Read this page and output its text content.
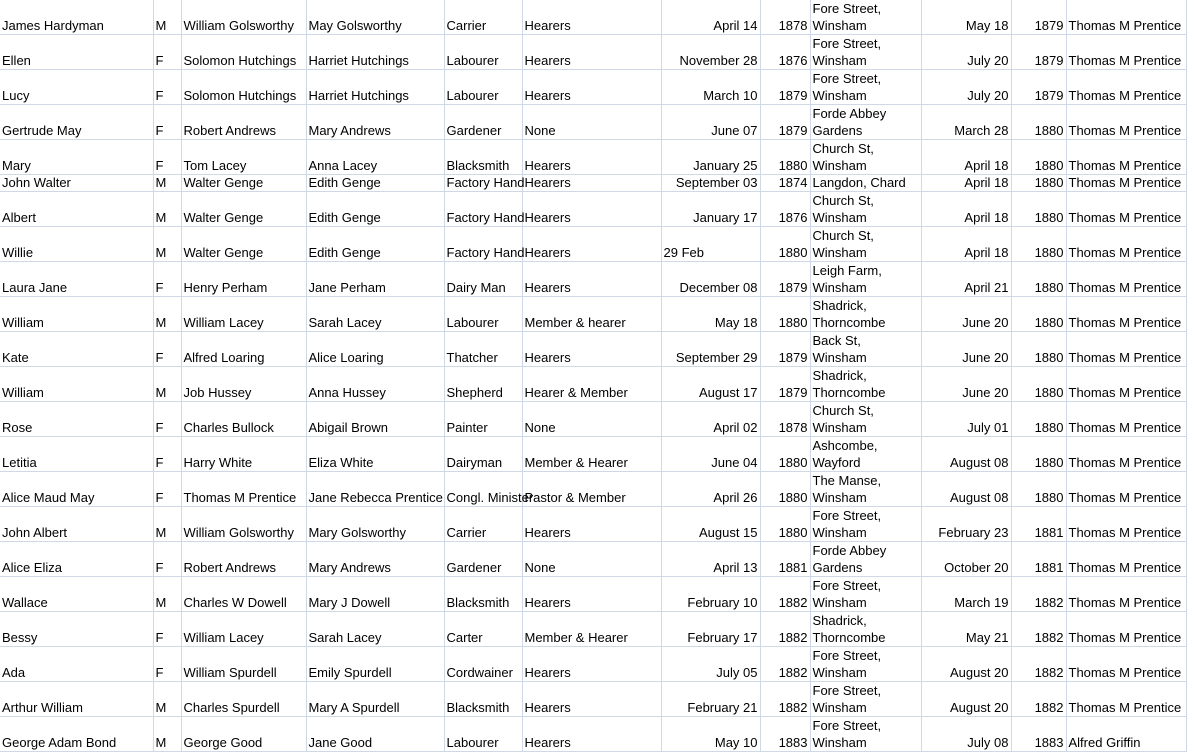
James Hardyman	M	William Golsworthy	May Golsworthy	Carrier	Hearers	April 14	1878	Fore Street, Winsham	May 18	1879	Thomas M Prentice
Ellen	F	Solomon Hutchings	Harriet Hutchings	Labourer	Hearers	November 28	1876	Fore Street, Winsham	July 20	1879	Thomas M Prentice
Lucy	F	Solomon Hutchings	Harriet Hutchings	Labourer	Hearers	March 10	1879	Fore Street, Winsham	July 20	1879	Thomas M Prentice
Gertrude May	F	Robert Andrews	Mary Andrews	Gardener	None	June 07	1879	Forde Abbey Gardens	March 28	1880	Thomas M Prentice
Mary	F	Tom Lacey	Anna Lacey	Blacksmith	Hearers	January 25	1880	Church St, Winsham	April 18	1880	Thomas M Prentice
John Walter	M	Walter Genge	Edith Genge	Factory Hand	Hearers	September 03	1874	Langdon, Chard	April 18	1880	Thomas M Prentice
Albert	M	Walter Genge	Edith Genge	Factory Hand	Hearers	January 17	1876	Church St, Winsham	April 18	1880	Thomas M Prentice
Willie	M	Walter Genge	Edith Genge	Factory Hand	Hearers	29 Feb	1880	Church St, Winsham	April 18	1880	Thomas M Prentice
Laura Jane	F	Henry Perham	Jane Perham	Dairy Man	Hearers	December 08	1879	Leigh Farm, Winsham	April 21	1880	Thomas M Prentice
William	M	William Lacey	Sarah Lacey	Labourer	Member & hearer	May 18	1880	Shadrick, Thorncombe	June 20	1880	Thomas M Prentice
Kate	F	Alfred Loaring	Alice Loaring	Thatcher	Hearers	September 29	1879	Back St, Winsham	June 20	1880	Thomas M Prentice
William	M	Job Hussey	Anna Hussey	Shepherd	Hearer & Member	August 17	1879	Shadrick, Thorncombe	June 20	1880	Thomas M Prentice
Rose	F	Charles Bullock	Abigail Brown	Painter	None	April 02	1878	Church St, Winsham	July 01	1880	Thomas M Prentice
Letitia	F	Harry White	Eliza White	Dairyman	Member & Hearer	June 04	1880	Ashcombe, Wayford	August 08	1880	Thomas M Prentice
Alice Maud May	F	Thomas M Prentice	Jane Rebecca Prentice	Congl. Minister	Pastor & Member	April 26	1880	The Manse, Winsham	August 08	1880	Thomas M Prentice
John Albert	M	William Golsworthy	Mary Golsworthy	Carrier	Hearers	August 15	1880	Fore Street, Winsham	February 23	1881	Thomas M Prentice
Alice Eliza	F	Robert Andrews	Mary Andrews	Gardener	None	April 13	1881	Forde Abbey Gardens	October 20	1881	Thomas M Prentice
Wallace	M	Charles W Dowell	Mary J Dowell	Blacksmith	Hearers	February 10	1882	Fore Street, Winsham	March 19	1882	Thomas M Prentice
Bessy	F	William Lacey	Sarah Lacey	Carter	Member & Hearer	February 17	1882	Shadrick, Thorncombe	May 21	1882	Thomas M Prentice
Ada	F	William Spurdell	Emily Spurdell	Cordwainer	Hearers	July 05	1882	Fore Street, Winsham	August 20	1882	Thomas M Prentice
Arthur William	M	Charles Spurdell	Mary A Spurdell	Blacksmith	Hearers	February 21	1882	Fore Street, Winsham	August 20	1882	Thomas M Prentice
George Adam Bond	M	George Good	Jane Good	Labourer	Hearers	May 10	1883	Fore Street, Winsham	July 08	1883	Alfred Griffin
